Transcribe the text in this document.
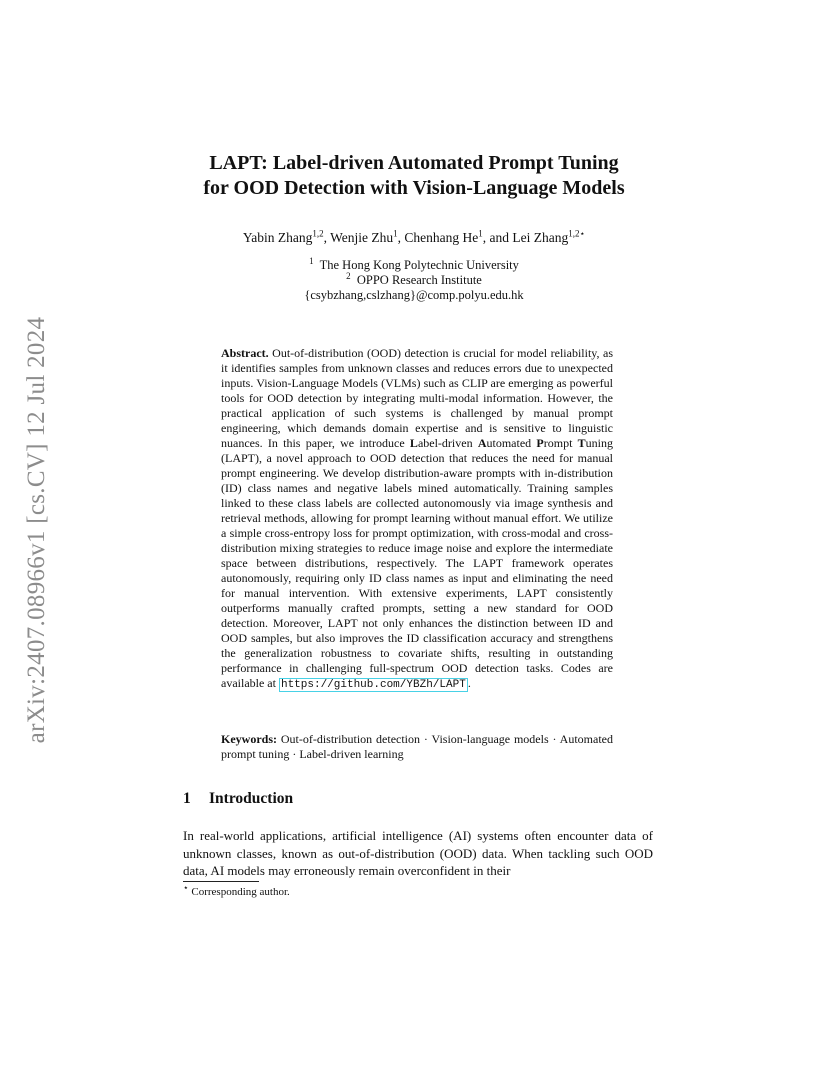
arXiv:2407.08966v1 [cs.CV] 12 Jul 2024
LAPT: Label-driven Automated Prompt Tuning
for OOD Detection with Vision-Language Models
Yabin Zhang$^{1,2}$, Wenjie Zhu$^1$, Chenhang He$^1$, and Lei Zhang$^{1,2⋆}$
$^1$ The Hong Kong Polytechnic University
$^2$ OPPO Research Institute
{csybzhang,cslzhang}@comp.polyu.edu.hk
Abstract. Out-of-distribution (OOD) detection is crucial for model reliability, as it identifies samples from unknown classes and reduces errors due to unexpected inputs. Vision-Language Models (VLMs) such as CLIP are emerging as powerful tools for OOD detection by integrating multi-modal information. However, the practical application of such systems is challenged by manual prompt engineering, which demands domain expertise and is sensitive to linguistic nuances. In this paper, we introduce Label-driven Automated Prompt Tuning (LAPT), a novel approach to OOD detection that reduces the need for manual prompt engineering. We develop distribution-aware prompts with in-distribution (ID) class names and negative labels mined automatically. Training samples linked to these class labels are collected autonomously via image synthesis and retrieval methods, allowing for prompt learning without manual effort. We utilize a simple cross-entropy loss for prompt optimization, with cross-modal and cross-distribution mixing strategies to reduce image noise and explore the intermediate space between distributions, respectively. The LAPT framework operates autonomously, requiring only ID class names as input and eliminating the need for manual intervention. With extensive experiments, LAPT consistently outperforms manually crafted prompts, setting a new standard for OOD detection. Moreover, LAPT not only enhances the distinction between ID and OOD samples, but also improves the ID classification accuracy and strengthens the generalization robustness to covariate shifts, resulting in outstanding performance in challenging full-spectrum OOD detection tasks. Codes are available at https://github.com/YBZh/LAPT .
Keywords: Out-of-distribution detection · Vision-language models · Automated prompt tuning · Label-driven learning
1 Introduction
In real-world applications, artificial intelligence (AI) systems often encounter data of unknown classes, known as out-of-distribution (OOD) data. When tackling such OOD data, AI models may erroneously remain overconfident in their
⋆ Corresponding author.
